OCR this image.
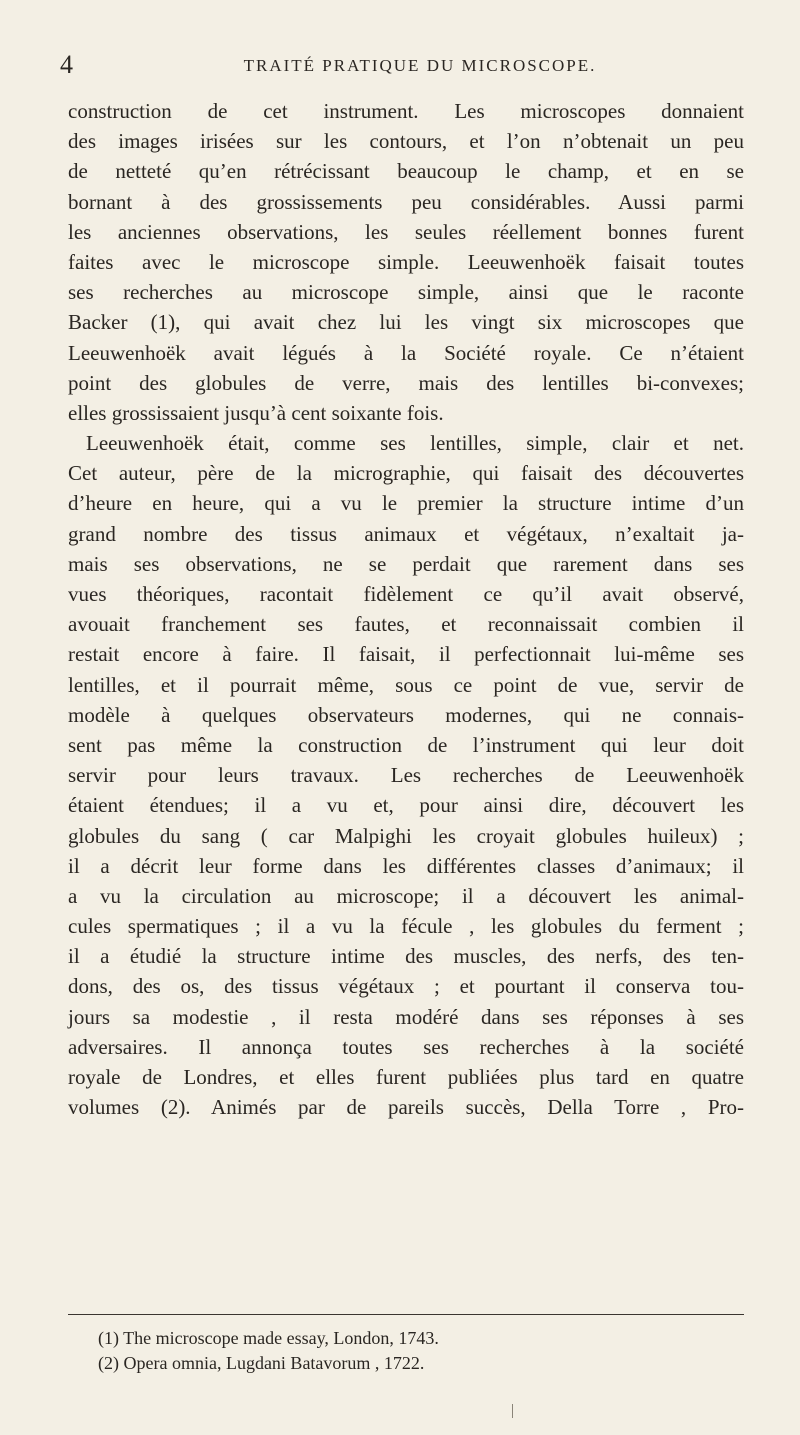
4	TRAITÉ PRATIQUE DU MICROSCOPE.
construction de cet instrument. Les microscopes donnaient
des images irisées sur les contours, et l’on n’obtenait un peu
de netteté qu’en rétrécissant beaucoup le champ, et en se
bornant à des grossissements peu considérables. Aussi parmi
les anciennes observations, les seules réellement bonnes furent
faites avec le microscope simple. Leeuwenhoëk faisait toutes
ses recherches au microscope simple, ainsi que le raconte
Backer (1), qui avait chez lui les vingt six microscopes que
Leeuwenhoëk avait légués à la Société royale. Ce n’étaient
point des globules de verre, mais des lentilles bi-convexes;
elles grossissaient jusqu’à cent soixante fois.
Leeuwenhoëk était, comme ses lentilles, simple, clair et net.
Cet auteur, père de la micrographie, qui faisait des découvertes
d’heure en heure, qui a vu le premier la structure intime d’un
grand nombre des tissus animaux et végétaux, n’exaltait ja-
mais ses observations, ne se perdait que rarement dans ses
vues théoriques, racontait fidèlement ce qu’il avait observé,
avouait franchement ses fautes, et reconnaissait combien il
restait encore à faire. Il faisait, il perfectionnait lui-même ses
lentilles, et il pourrait même, sous ce point de vue, servir de
modèle à quelques observateurs modernes, qui ne connais-
sent pas même la construction de l’instrument qui leur doit
servir pour leurs travaux. Les recherches de Leeuwenhoëk
étaient étendues; il a vu et, pour ainsi dire, découvert les
globules du sang ( car Malpighi les croyait globules huileux) ;
il a décrit leur forme dans les différentes classes d’animaux; il
a vu la circulation au microscope; il a découvert les animal-
cules spermatiques ; il a vu la fécule , les globules du ferment ;
il a étudié la structure intime des muscles, des nerfs, des ten-
dons, des os, des tissus végétaux ; et pourtant il conserva tou-
jours sa modestie , il resta modéré dans ses réponses à ses
adversaires. Il annonça toutes ses recherches à la société
royale de Londres, et elles furent publiées plus tard en quatre
volumes (2). Animés par de pareils succès, Della Torre , Pro-
(1) The microscope made essay, London, 1743.
(2) Opera omnia, Lugdani Batavorum , 1722.
